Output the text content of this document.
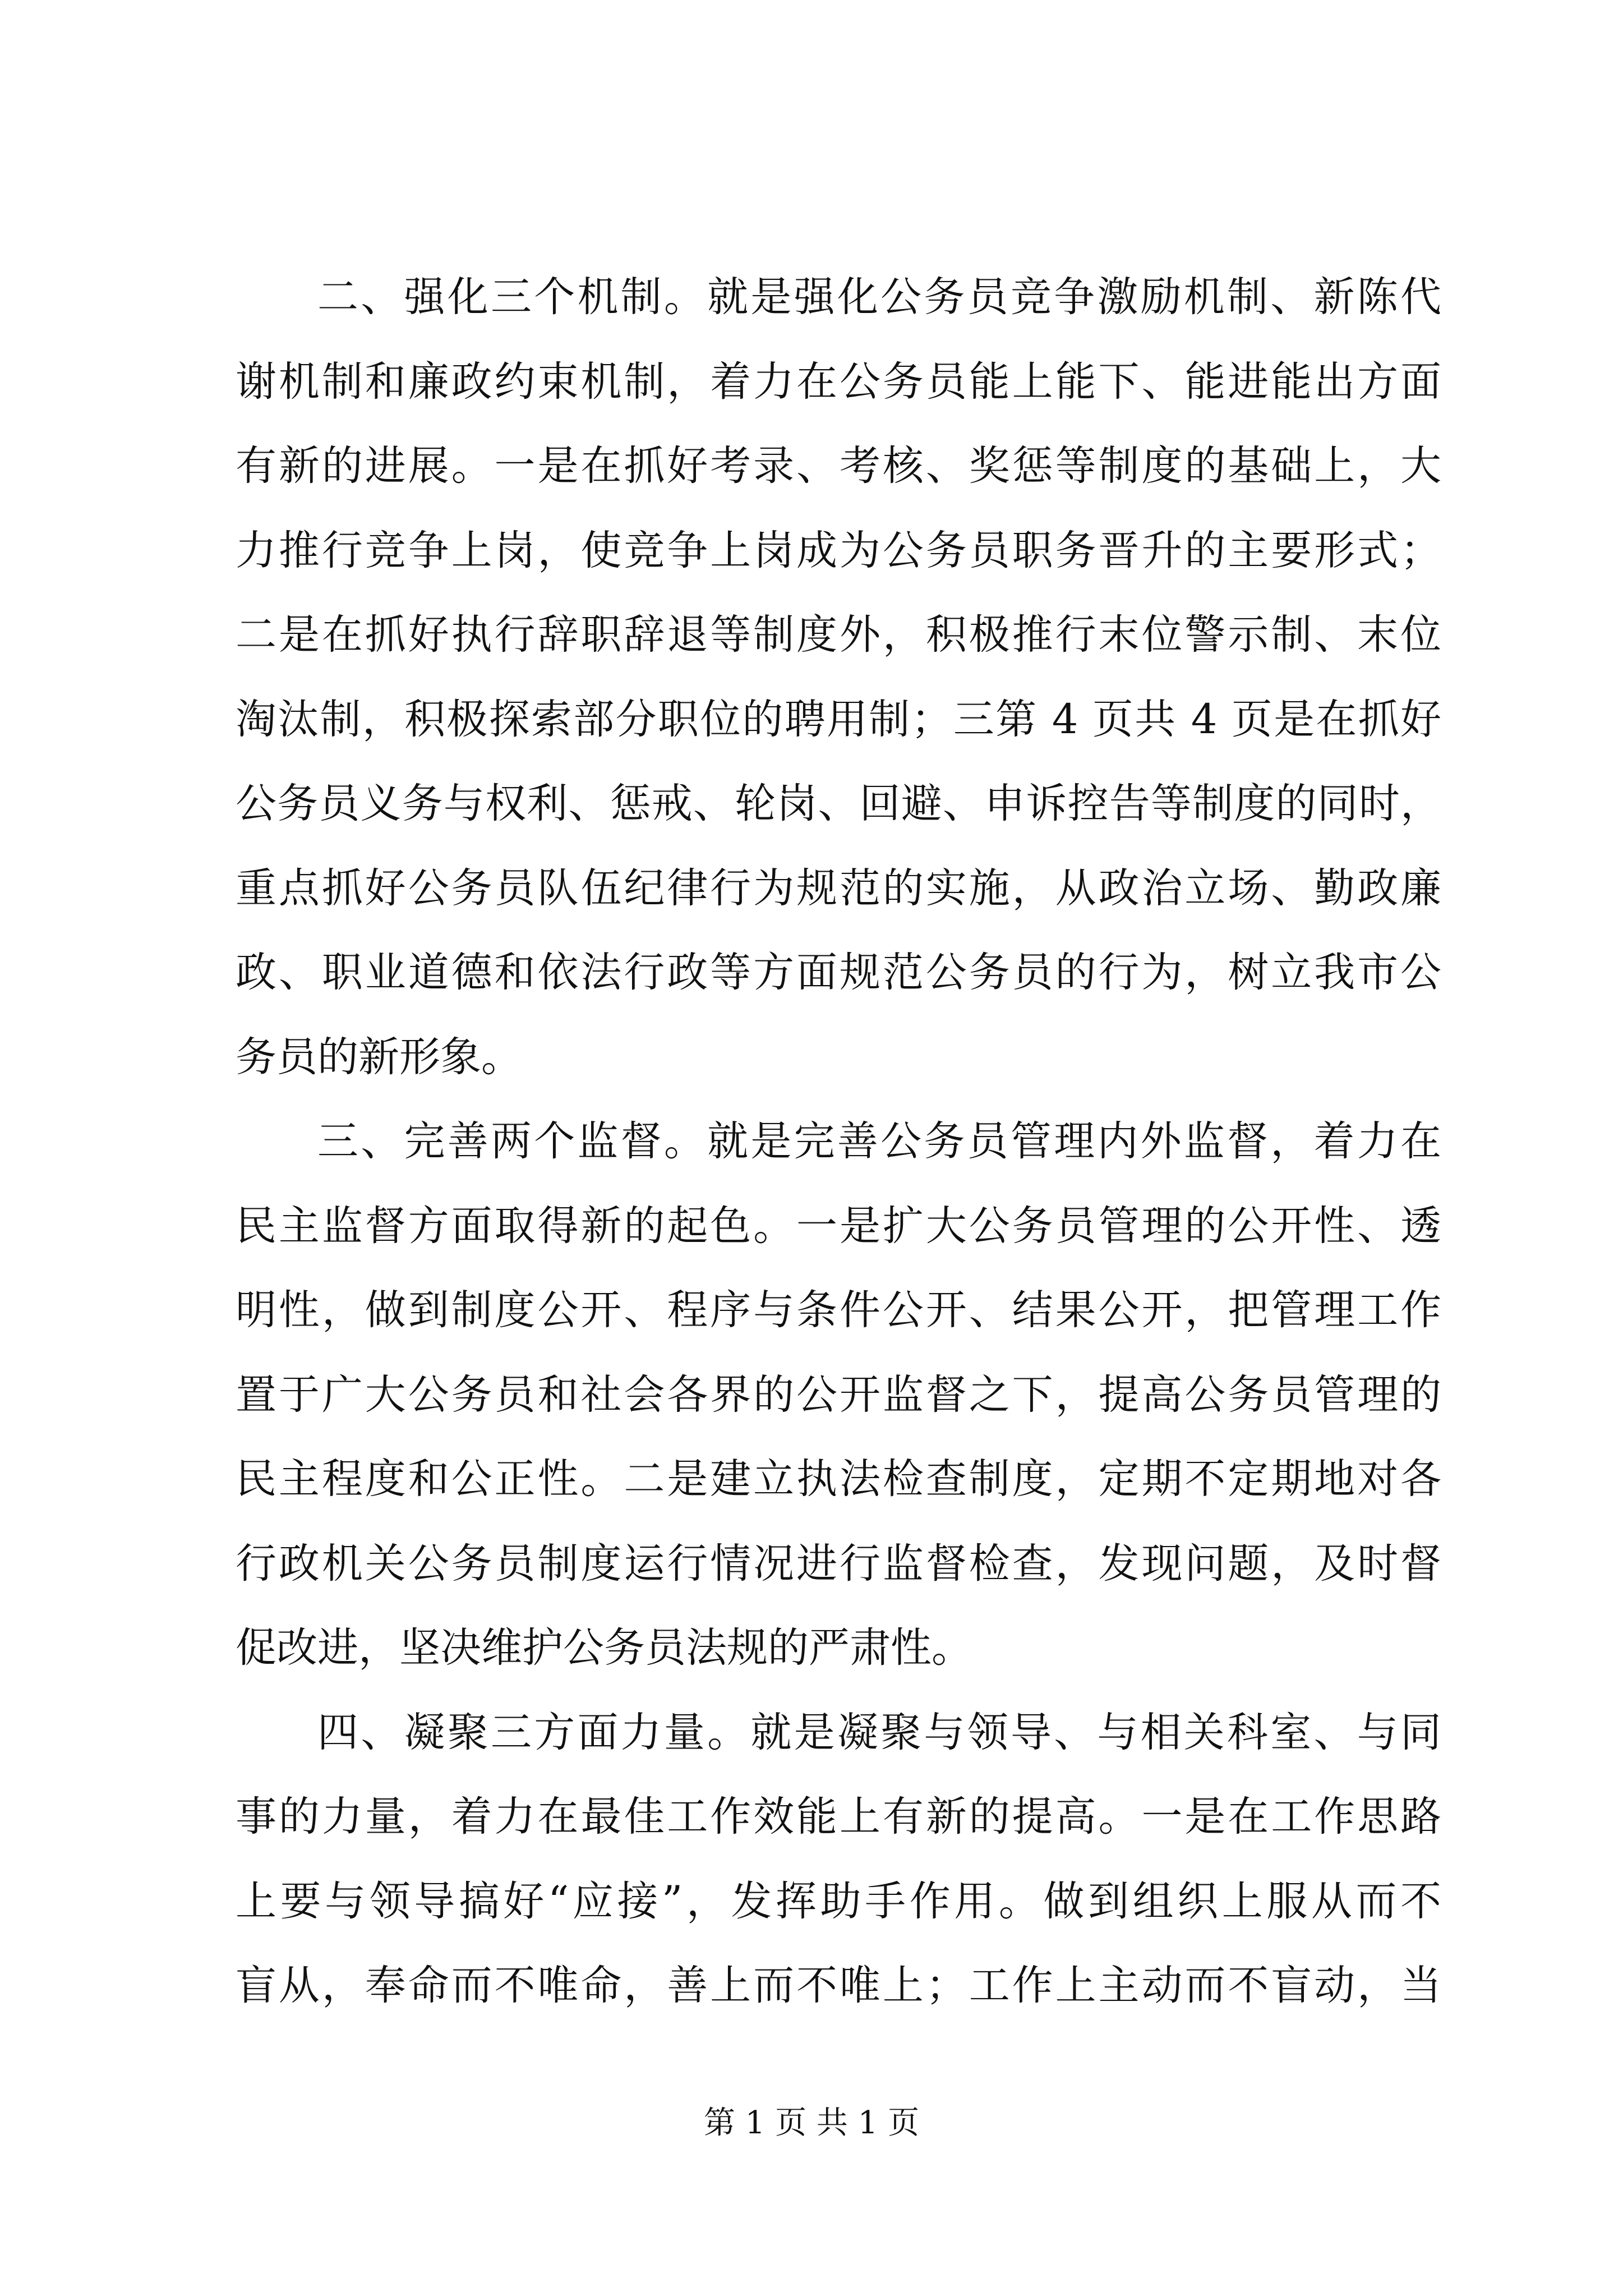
二、强化三个机制。就是强化公务员竞争激励机制、新陈代
谢机制和廉政约束机制，着力在公务员能上能下、能进能出方面
有新的进展。一是在抓好考录、考核、奖惩等制度的基础上，大
力推行竞争上岗，使竞争上岗成为公务员职务晋升的主要形式；
二是在抓好执行辞职辞退等制度外，积极推行末位警示制、末位
淘汰制，积极探索部分职位的聘用制；三第 4 页共 4 页是在抓好
公务员义务与权利、惩戒、轮岗、回避、申诉控告等制度的同时，
重点抓好公务员队伍纪律行为规范的实施，从政治立场、勤政廉
政、职业道德和依法行政等方面规范公务员的行为，树立我市公
务员的新形象。
三、完善两个监督。就是完善公务员管理内外监督，着力在
民主监督方面取得新的起色。一是扩大公务员管理的公开性、透
明性，做到制度公开、程序与条件公开、结果公开，把管理工作
置于广大公务员和社会各界的公开监督之下，提高公务员管理的
民主程度和公正性。二是建立执法检查制度，定期不定期地对各
行政机关公务员制度运行情况进行监督检查，发现问题，及时督
促改进，坚决维护公务员法规的严肃性。
四、凝聚三方面力量。就是凝聚与领导、与相关科室、与同
事的力量，着力在最佳工作效能上有新的提高。一是在工作思路
上要与领导搞好“应接”，发挥助手作用。做到组织上服从而不
盲从，奉命而不唯命，善上而不唯上；工作上主动而不盲动，当
第 1 页 共 1 页
